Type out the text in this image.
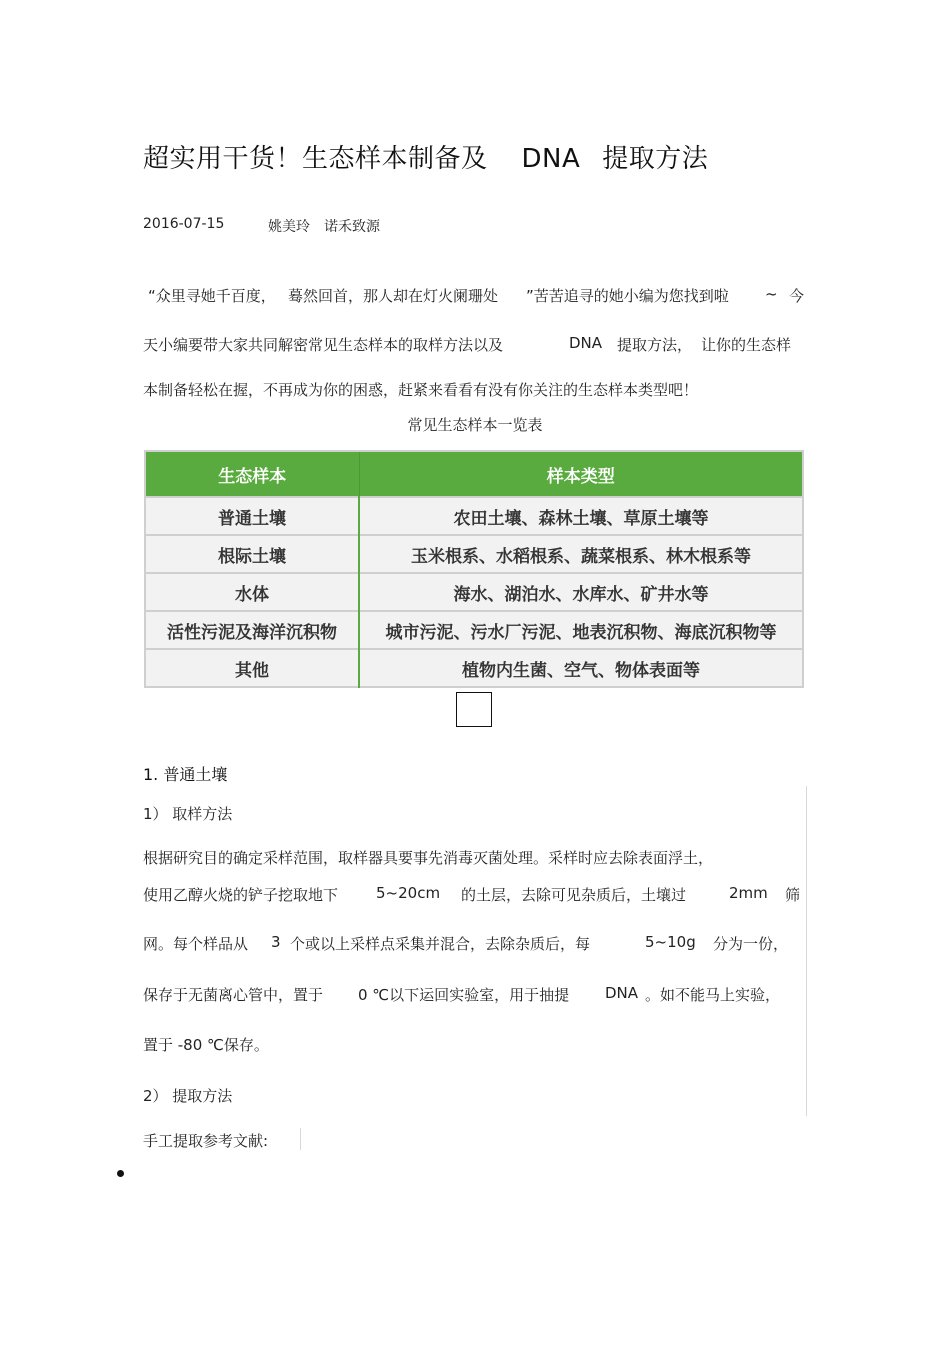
超实用干货！生态样本制备及 DNA 提取方法
2016-07-15	姚美玲 诺禾致源
“众里寻她千百度， 蓦然回首，那人却在灯火阑珊处 ”苦苦追寻的她小编为您找到啦 ~ 今
天小编要带大家共同解密常见生态样本的取样方法以及	DNA 提取方法， 让你的生态样
本制备轻松在握，不再成为你的困惑，赶紧来看看有没有你关注的生态样本类型吧！
常见生态样本一览表
生态样本	样本类型
普通土壤	农田土壤、森林土壤、草原土壤等
根际土壤	玉米根系、水稻根系、蔬菜根系、林木根系等
水体	海水、湖泊水、水库水、矿井水等
活性污泥及海洋沉积物	城市污泥、污水厂污泥、地表沉积物、海底沉积物等
其他	植物内生菌、空气、物体表面等
1. 普通土壤
1） 取样方法
根据研究目的确定采样范围，取样器具要事先消毒灭菌处理。采样时应去除表面浮土，
使用乙醇火烧的铲子挖取地下	5~20cm 的土层，去除可见杂质后，土壤过	2mm 筛
网。每个样品从 3 个或以上采样点采集并混合，去除杂质后，每	5~10g 分为一份，
保存于无菌离心管中，置于 0 ℃以下运回实验室，用于抽提 DNA 。如不能马上实验，
置于 -80 ℃保存。
2） 提取方法
手工提取参考文献:
